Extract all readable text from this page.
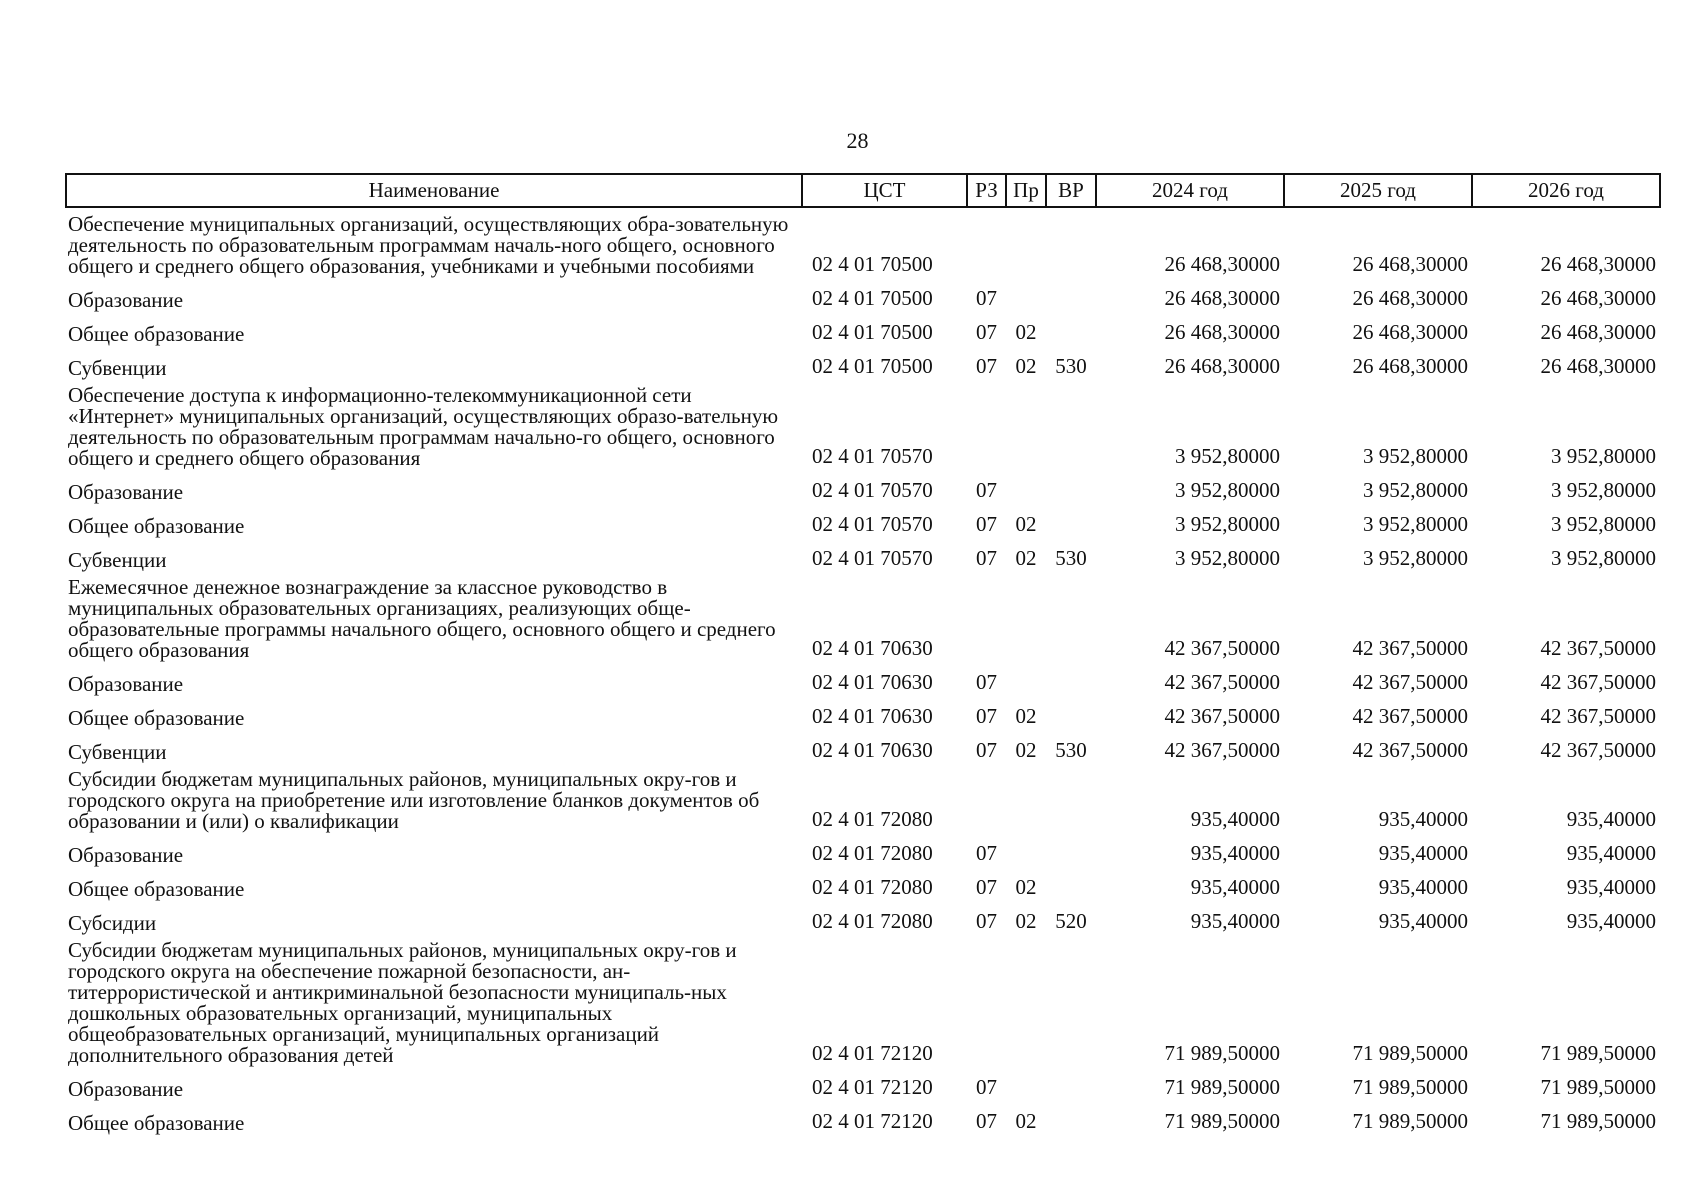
28
Наименование	ЦСТ	РЗ	Пр	ВР	2024 год	2025 год	2026 год
Обеспечение муниципальных организаций, осуществляющих обра-зовательную деятельность по образовательным программам началь-ного общего, основного общего и среднего общего образования, учебниками и учебными пособиями	02 4 01 70500				26 468,30000	26 468,30000	26 468,30000
Образование	02 4 01 70500	07			26 468,30000	26 468,30000	26 468,30000
Общее образование	02 4 01 70500	07	02		26 468,30000	26 468,30000	26 468,30000
Субвенции	02 4 01 70500	07	02	530	26 468,30000	26 468,30000	26 468,30000
Обеспечение доступа к информационно-телекоммуникационной сети «Интернет» муниципальных организаций, осуществляющих образо-вательную деятельность по образовательным программам начально-го общего, основного общего и среднего общего образования	02 4 01 70570				3 952,80000	3 952,80000	3 952,80000
Образование	02 4 01 70570	07			3 952,80000	3 952,80000	3 952,80000
Общее образование	02 4 01 70570	07	02		3 952,80000	3 952,80000	3 952,80000
Субвенции	02 4 01 70570	07	02	530	3 952,80000	3 952,80000	3 952,80000
Ежемесячное денежное вознаграждение за классное руководство в муниципальных образовательных организациях, реализующих обще-образовательные программы начального общего, основного общего и среднего общего образования	02 4 01 70630				42 367,50000	42 367,50000	42 367,50000
Образование	02 4 01 70630	07			42 367,50000	42 367,50000	42 367,50000
Общее образование	02 4 01 70630	07	02		42 367,50000	42 367,50000	42 367,50000
Субвенции	02 4 01 70630	07	02	530	42 367,50000	42 367,50000	42 367,50000
Субсидии бюджетам муниципальных районов, муниципальных окру-гов и городского округа на приобретение или изготовление бланков документов об образовании и (или) о квалификации	02 4 01 72080				935,40000	935,40000	935,40000
Образование	02 4 01 72080	07			935,40000	935,40000	935,40000
Общее образование	02 4 01 72080	07	02		935,40000	935,40000	935,40000
Субсидии	02 4 01 72080	07	02	520	935,40000	935,40000	935,40000
Субсидии бюджетам муниципальных районов, муниципальных окру-гов и городского округа на обеспечение пожарной безопасности, ан-титеррористической и антикриминальной безопасности муниципаль-ных дошкольных образовательных организаций, муниципальных общеобразовательных организаций, муниципальных организаций дополнительного образования детей	02 4 01 72120				71 989,50000	71 989,50000	71 989,50000
Образование	02 4 01 72120	07			71 989,50000	71 989,50000	71 989,50000
Общее образование	02 4 01 72120	07	02		71 989,50000	71 989,50000	71 989,50000
